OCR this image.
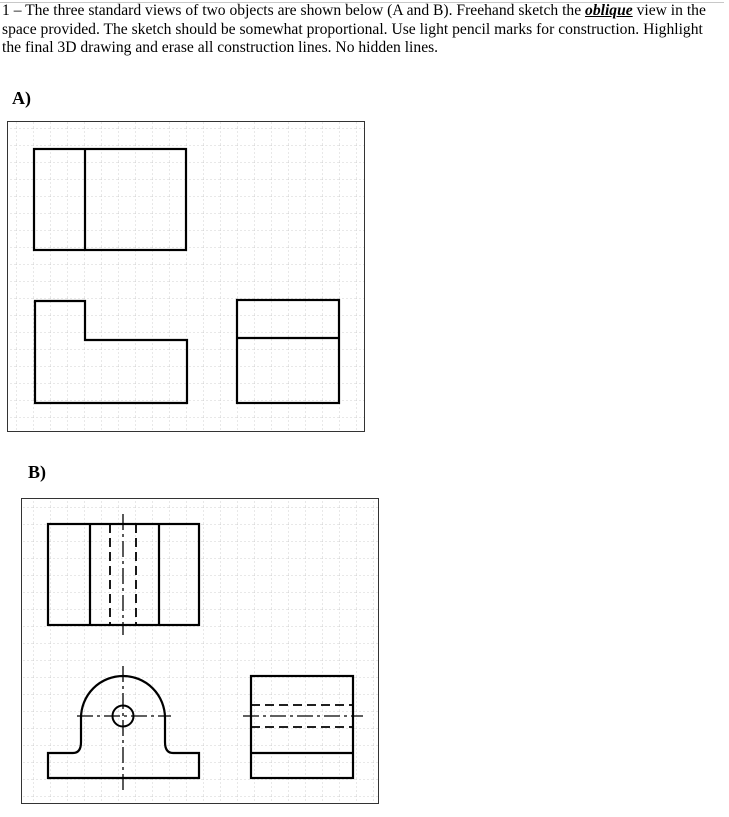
1 – The three standard views of two objects are shown below (A and B). Freehand sketch the oblique view in the space provided. The sketch should be somewhat proportional. Use light pencil marks for construction. Highlight the final 3D drawing and erase all construction lines. No hidden lines.

A)
B)
